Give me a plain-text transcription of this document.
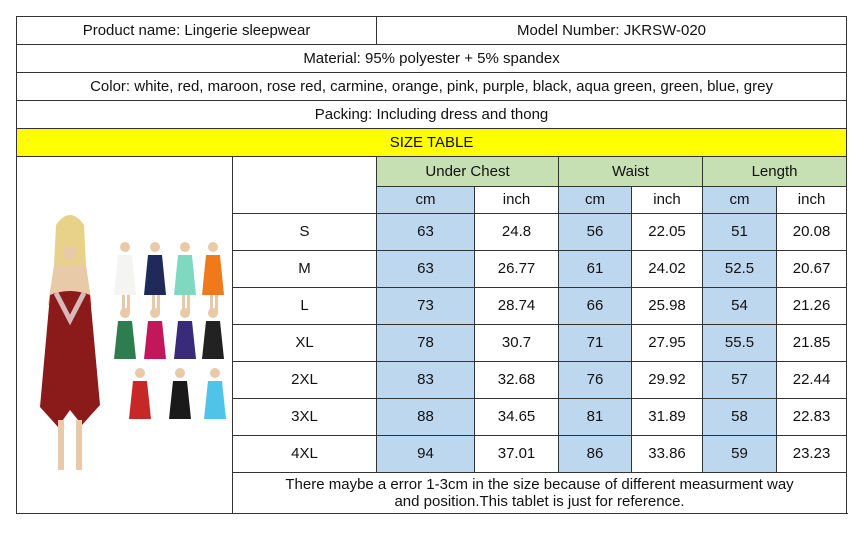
Product name: Lingerie sleepwear		Model Number: JKRSW-020					
Material: 95% polyester + 5% spandex							
Color: white, red, maroon, rose red, carmine, orange, pink, purple, black, aqua green, green, blue, grey							
Packing: Including dress and thong							
SIZE TABLE							

		Under Chest		Waist		Length	
		cm	inch	cm	inch	cm	inch
	S	63	24.8	56	22.05	51	20.08
	M	63	26.77	61	24.02	52.5	20.67
	L	73	28.74	66	25.98	54	21.26
	XL	78	30.7	71	27.95	55.5	21.85
	2XL	83	32.68	76	29.92	57	22.44
	3XL	88	34.65	81	31.89	58	22.83
	4XL	94	37.01	86	33.86	59	23.23
	There maybe a error 1-3cm in the size because of different measurment way and position.This tablet is just for reference.						
